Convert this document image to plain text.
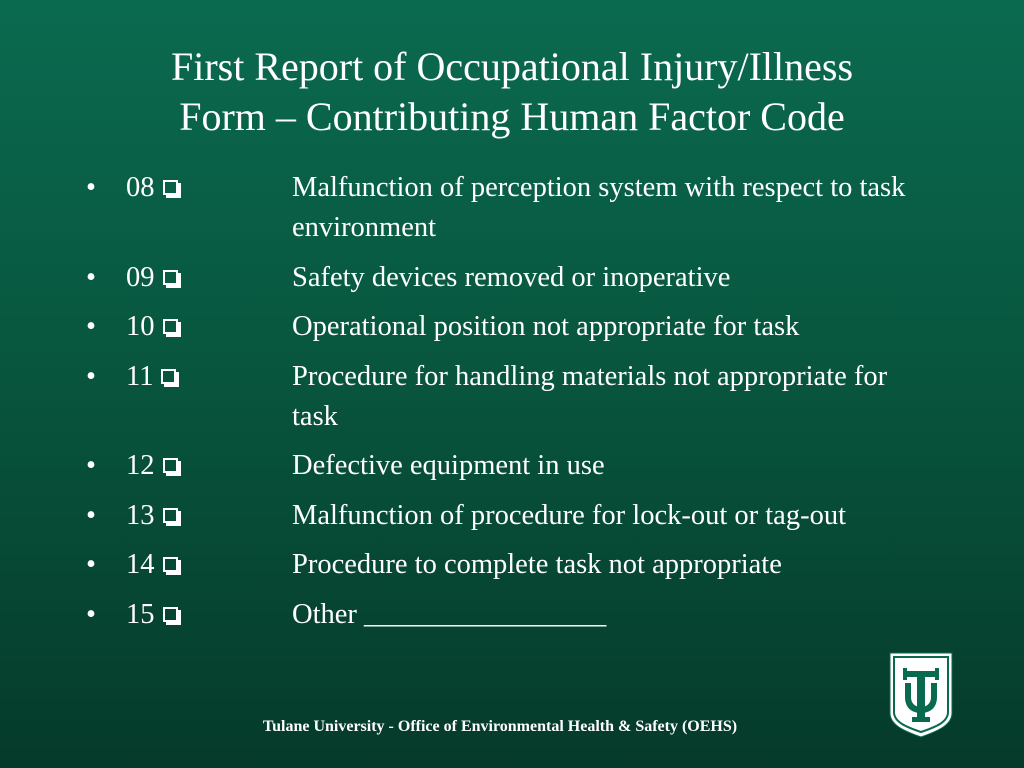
First Report of Occupational Injury/Illness
Form – Contributing Human Factor Code
•	08	Malfunction of perception system with respect to task environment
•	09	Safety devices removed or inoperative
•	10	Operational position not appropriate for task
•	11	Procedure for handling materials not appropriate for task
•	12	Defective equipment in use
•	13	Malfunction of procedure for lock-out or tag-out
•	14	Procedure to complete task not appropriate
•	15	Other _________________
Tulane University - Office of Environmental Health & Safety (OEHS)
